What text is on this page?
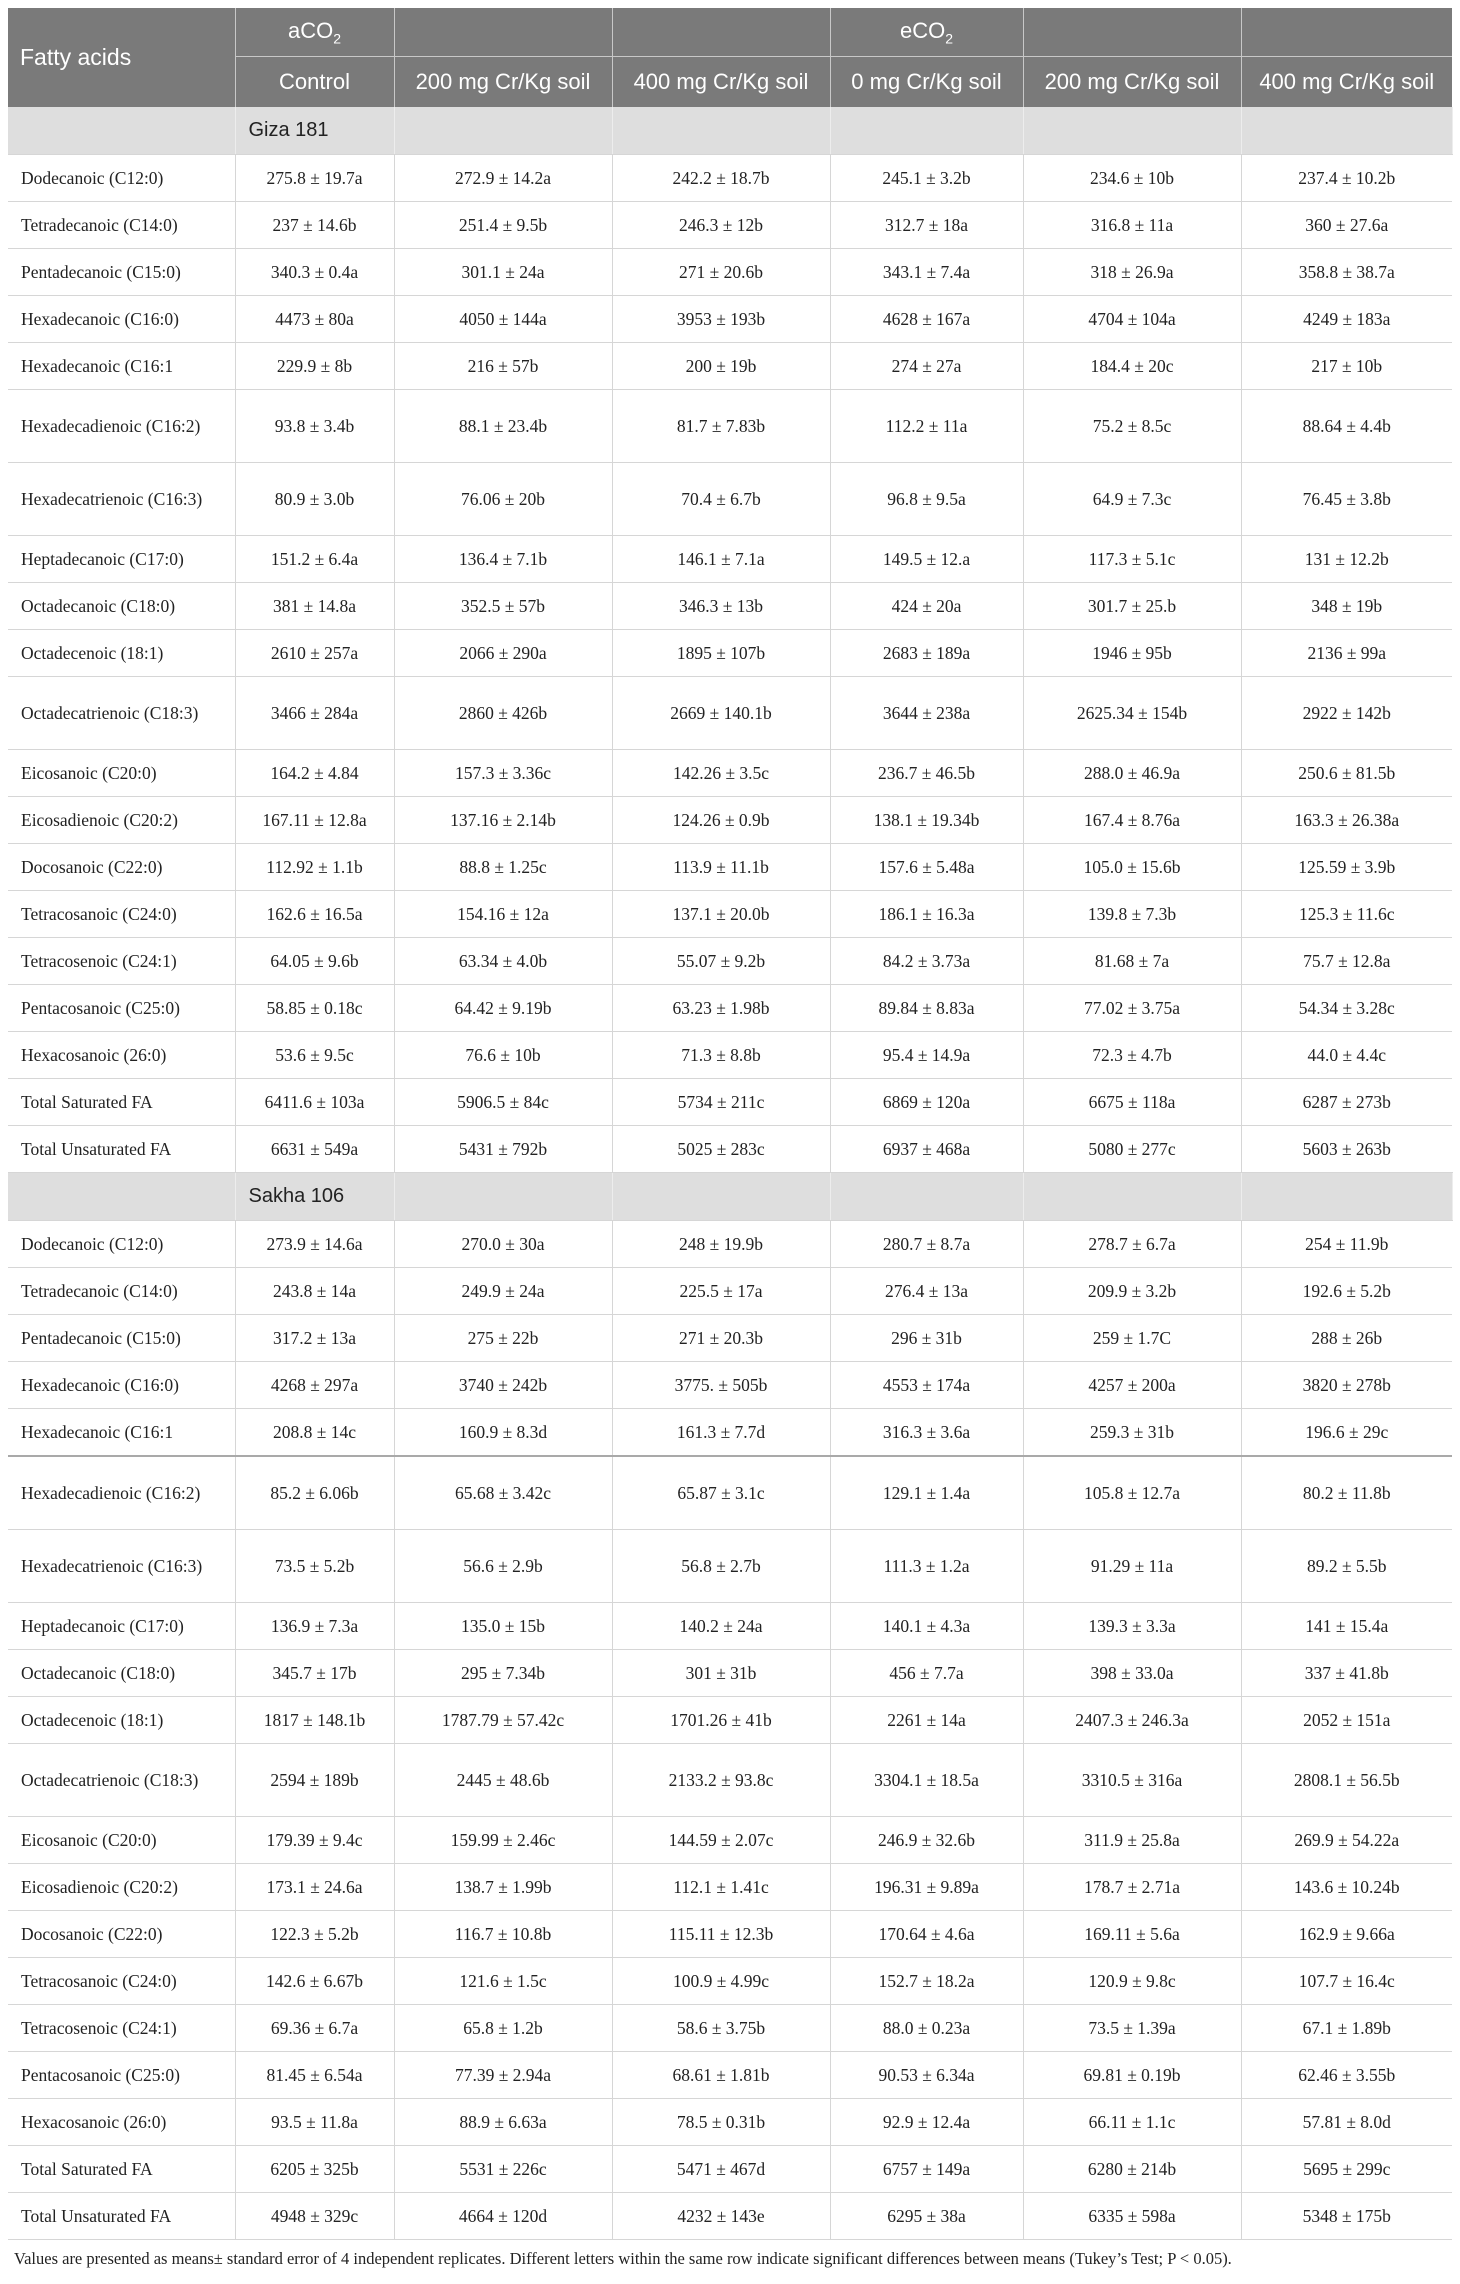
Fatty acids	aCO$_2$			eCO$_2$		
	Control	200 mg Cr/Kg soil	400 mg Cr/Kg soil	0 mg Cr/Kg soil	200 mg Cr/Kg soil	400 mg Cr/Kg soil
	Giza 181					
Dodecanoic (C12:0)	275.8 ± 19.7a	272.9 ± 14.2a	242.2 ± 18.7b	245.1 ± 3.2b	234.6 ± 10b	237.4 ± 10.2b
Tetradecanoic (C14:0)	237 ± 14.6b	251.4 ± 9.5b	246.3 ± 12b	312.7 ± 18a	316.8 ± 11a	360 ± 27.6a
Pentadecanoic (C15:0)	340.3 ± 0.4a	301.1 ± 24a	271 ± 20.6b	343.1 ± 7.4a	318 ± 26.9a	358.8 ± 38.7a
Hexadecanoic (C16:0)	4473 ± 80a	4050 ± 144a	3953 ± 193b	4628 ± 167a	4704 ± 104a	4249 ± 183a
Hexadecanoic (C16:1	229.9 ± 8b	216 ± 57b	200 ± 19b	274 ± 27a	184.4 ± 20c	217 ± 10b
Hexadecadienoic (C16:2)	93.8 ± 3.4b	88.1 ± 23.4b	81.7 ± 7.83b	112.2 ± 11a	75.2 ± 8.5c	88.64 ± 4.4b
Hexadecatrienoic (C16:3)	80.9 ± 3.0b	76.06 ± 20b	70.4 ± 6.7b	96.8 ± 9.5a	64.9 ± 7.3c	76.45 ± 3.8b
Heptadecanoic (C17:0)	151.2 ± 6.4a	136.4 ± 7.1b	146.1 ± 7.1a	149.5 ± 12.a	117.3 ± 5.1c	131 ± 12.2b
Octadecanoic (C18:0)	381 ± 14.8a	352.5 ± 57b	346.3 ± 13b	424 ± 20a	301.7 ± 25.b	348 ± 19b
Octadecenoic (18:1)	2610 ± 257a	2066 ± 290a	1895 ± 107b	2683 ± 189a	1946 ± 95b	2136 ± 99a
Octadecatrienoic (C18:3)	3466 ± 284a	2860 ± 426b	2669 ± 140.1b	3644 ± 238a	2625.34 ± 154b	2922 ± 142b
Eicosanoic (C20:0)	164.2 ± 4.84	157.3 ± 3.36c	142.26 ± 3.5c	236.7 ± 46.5b	288.0 ± 46.9a	250.6 ± 81.5b
Eicosadienoic (C20:2)	167.11 ± 12.8a	137.16 ± 2.14b	124.26 ± 0.9b	138.1 ± 19.34b	167.4 ± 8.76a	163.3 ± 26.38a
Docosanoic (C22:0)	112.92 ± 1.1b	88.8 ± 1.25c	113.9 ± 11.1b	157.6 ± 5.48a	105.0 ± 15.6b	125.59 ± 3.9b
Tetracosanoic (C24:0)	162.6 ± 16.5a	154.16 ± 12a	137.1 ± 20.0b	186.1 ± 16.3a	139.8 ± 7.3b	125.3 ± 11.6c
Tetracosenoic (C24:1)	64.05 ± 9.6b	63.34 ± 4.0b	55.07 ± 9.2b	84.2 ± 3.73a	81.68 ± 7a	75.7 ± 12.8a
Pentacosanoic (C25:0)	58.85 ± 0.18c	64.42 ± 9.19b	63.23 ± 1.98b	89.84 ± 8.83a	77.02 ± 3.75a	54.34 ± 3.28c
Hexacosanoic (26:0)	53.6 ± 9.5c	76.6 ± 10b	71.3 ± 8.8b	95.4 ± 14.9a	72.3 ± 4.7b	44.0 ± 4.4c
Total Saturated FA	6411.6 ± 103a	5906.5 ± 84c	5734 ± 211c	6869 ± 120a	6675 ± 118a	6287 ± 273b
Total Unsaturated FA	6631 ± 549a	5431 ± 792b	5025 ± 283c	6937 ± 468a	5080 ± 277c	5603 ± 263b
	Sakha 106					
Dodecanoic (C12:0)	273.9 ± 14.6a	270.0 ± 30a	248 ± 19.9b	280.7 ± 8.7a	278.7 ± 6.7a	254 ± 11.9b
Tetradecanoic (C14:0)	243.8 ± 14a	249.9 ± 24a	225.5 ± 17a	276.4 ± 13a	209.9 ± 3.2b	192.6 ± 5.2b
Pentadecanoic (C15:0)	317.2 ± 13a	275 ± 22b	271 ± 20.3b	296 ± 31b	259 ± 1.7C	288 ± 26b
Hexadecanoic (C16:0)	4268 ± 297a	3740 ± 242b	3775. ± 505b	4553 ± 174a	4257 ± 200a	3820 ± 278b
Hexadecanoic (C16:1	208.8 ± 14c	160.9 ± 8.3d	161.3 ± 7.7d	316.3 ± 3.6a	259.3 ± 31b	196.6 ± 29c
Hexadecadienoic (C16:2)	85.2 ± 6.06b	65.68 ± 3.42c	65.87 ± 3.1c	129.1 ± 1.4a	105.8 ± 12.7a	80.2 ± 11.8b
Hexadecatrienoic (C16:3)	73.5 ± 5.2b	56.6 ± 2.9b	56.8 ± 2.7b	111.3 ± 1.2a	91.29 ± 11a	89.2 ± 5.5b
Heptadecanoic (C17:0)	136.9 ± 7.3a	135.0 ± 15b	140.2 ± 24a	140.1 ± 4.3a	139.3 ± 3.3a	141 ± 15.4a
Octadecanoic (C18:0)	345.7 ± 17b	295 ± 7.34b	301 ± 31b	456 ± 7.7a	398 ± 33.0a	337 ± 41.8b
Octadecenoic (18:1)	1817 ± 148.1b	1787.79 ± 57.42c	1701.26 ± 41b	2261 ± 14a	2407.3 ± 246.3a	2052 ± 151a
Octadecatrienoic (C18:3)	2594 ± 189b	2445 ± 48.6b	2133.2 ± 93.8c	3304.1 ± 18.5a	3310.5 ± 316a	2808.1 ± 56.5b
Eicosanoic (C20:0)	179.39 ± 9.4c	159.99 ± 2.46c	144.59 ± 2.07c	246.9 ± 32.6b	311.9 ± 25.8a	269.9 ± 54.22a
Eicosadienoic (C20:2)	173.1 ± 24.6a	138.7 ± 1.99b	112.1 ± 1.41c	196.31 ± 9.89a	178.7 ± 2.71a	143.6 ± 10.24b
Docosanoic (C22:0)	122.3 ± 5.2b	116.7 ± 10.8b	115.11 ± 12.3b	170.64 ± 4.6a	169.11 ± 5.6a	162.9 ± 9.66a
Tetracosanoic (C24:0)	142.6 ± 6.67b	121.6 ± 1.5c	100.9 ± 4.99c	152.7 ± 18.2a	120.9 ± 9.8c	107.7 ± 16.4c
Tetracosenoic (C24:1)	69.36 ± 6.7a	65.8 ± 1.2b	58.6 ± 3.75b	88.0 ± 0.23a	73.5 ± 1.39a	67.1 ± 1.89b
Pentacosanoic (C25:0)	81.45 ± 6.54a	77.39 ± 2.94a	68.61 ± 1.81b	90.53 ± 6.34a	69.81 ± 0.19b	62.46 ± 3.55b
Hexacosanoic (26:0)	93.5 ± 11.8a	88.9 ± 6.63a	78.5 ± 0.31b	92.9 ± 12.4a	66.11 ± 1.1c	57.81 ± 8.0d
Total Saturated FA	6205 ± 325b	5531 ± 226c	5471 ± 467d	6757 ± 149a	6280 ± 214b	5695 ± 299c
Total Unsaturated FA	4948 ± 329c	4664 ± 120d	4232 ± 143e	6295 ± 38a	6335 ± 598a	5348 ± 175b
Values are presented as means± standard error of 4 independent replicates. Different letters within the same row indicate significant differences between means (Tukey’s Test; P < 0.05).
